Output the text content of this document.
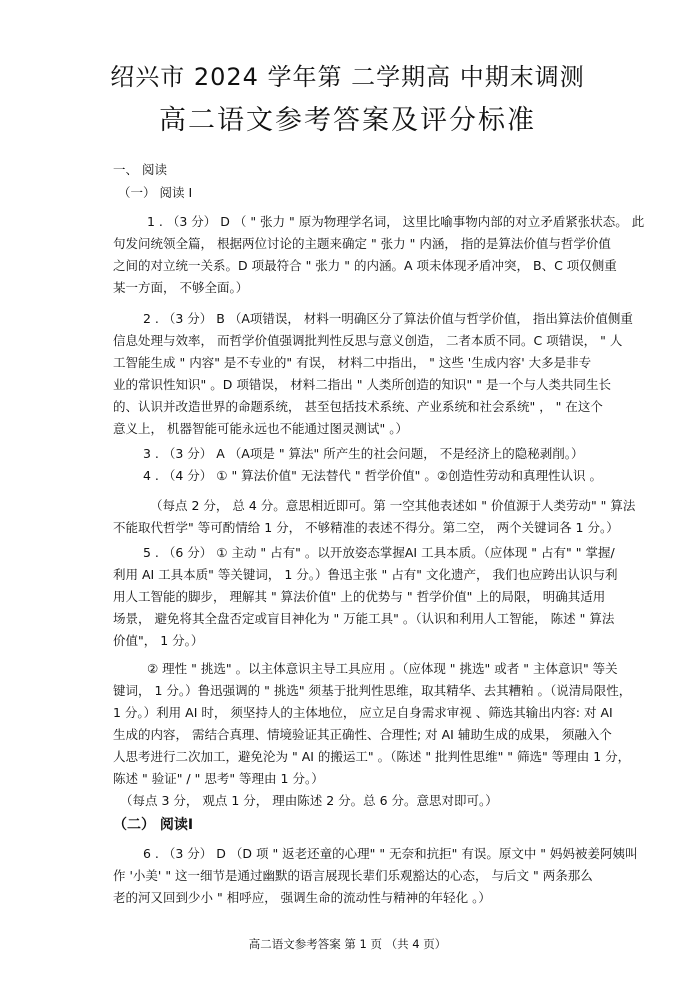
绍兴市 2024 学年第 二学期高 中期末调测
高二语文参考答案及评分标准
一、 阅读
（一） 阅读 I
1 . （3 分） D （ " 张力 " 原为物理学名词， 这里比喻事物内部的对立矛盾紧张状态。 此
句发问统领全篇， 根据两位讨论的主题来确定 " 张力 " 内涵， 指的是算法价值与哲学价值
之间的对立统一关系。D 项最符合 " 张力 " 的内涵。A 项未体现矛盾冲突， B、C 项仅侧重
某一方面， 不够全面。）
2 . （3 分） B （A项错误， 材料一明确区分了算法价值与哲学价值， 指出算法价值侧重
信息处理与效率， 而哲学价值强调批判性反思与意义创造， 二者本质不同。C 项错误， " 人
工智能生成 " 内容" 是不专业的" 有误， 材料二中指出， " 这些 '生成内容' 大多是非专
业的常识性知识" 。D 项错误， 材料二指出 " 人类所创造的知识" " 是一个与人类共同生长
的、认识并改造世界的命题系统， 甚至包括技术系统、产业系统和社会系统" ， " 在这个
意义上， 机器智能可能永远也不能通过图灵测试" 。）
3 . （3 分） A （A项是 " 算法" 所产生的社会问题， 不是经济上的隐秘剥削。）
4 . （4 分） ① " 算法价值" 无法替代 " 哲学价值" 。②创造性劳动和真理性认识 。
（每点 2 分， 总 4 分。意思相近即可。第 一空其他表述如 " 价值源于人类劳动" " 算法
不能取代哲学" 等可酌情给 1 分， 不够精准的表述不得分。第二空， 两个关键词各 1 分。）
5 . （6 分） ① 主动 " 占有" 。以开放姿态掌握AI 工具本质。（应体现 " 占有" " 掌握/
利用 AI 工具本质" 等关键词， 1 分。）鲁迅主张 " 占有" 文化遗产， 我们也应跨出认识与利
用人工智能的脚步， 理解其 " 算法价值" 上的优势与 " 哲学价值" 上的局限， 明确其适用
场景， 避免将其全盘否定或盲目神化为 " 万能工具" 。（认识和利用人工智能， 陈述 " 算法
价值"， 1 分。）
② 理性 " 挑选" 。以主体意识主导工具应用 。（应体现 " 挑选" 或者 " 主体意识" 等关
键词， 1 分。）鲁迅强调的 " 挑选" 须基于批判性思维，取其精华、去其糟粕 。（说清局限性，
1 分。）利用 AI 时， 须坚持人的主体地位， 应立足自身需求审视 、筛选其输出内容: 对 AI
生成的内容， 需结合真理、情境验证其正确性、合理性; 对 AI 辅助生成的成果， 须融入个
人思考进行二次加工，避免沦为 " AI 的搬运工" 。（陈述 " 批判性思维" " 筛选" 等理由 1 分，
陈述 " 验证" / " 思考" 等理由 1 分。）
（每点 3 分， 观点 1 分， 理由陈述 2 分。总 6 分。意思对即可。）
（二） 阅读I
6 . （3 分） D （D 项 " 返老还童的心理" " 无奈和抗拒" 有误。原文中 " 妈妈被姜阿姨叫
作 '小美' " 这一细节是通过幽默的语言展现长辈们乐观豁达的心态， 与后文 " 两条那么
老的河又回到少小 " 相呼应， 强调生命的流动性与精神的年轻化 。）
高二语文参考答案 第 1 页 （共 4 页）
